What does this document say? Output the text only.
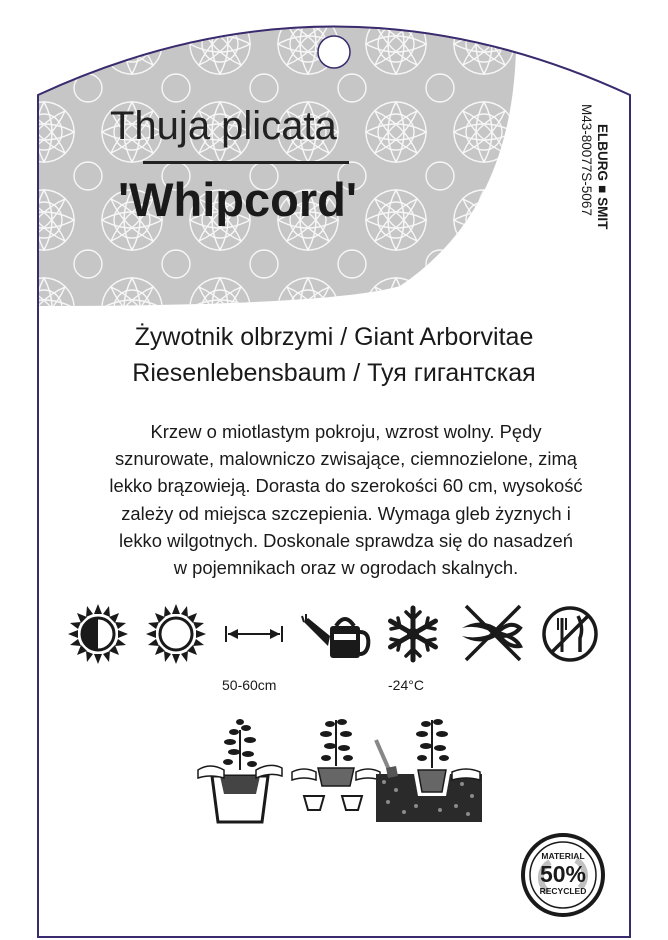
Thuja plicata
'Whipcord'
ELBURG■SMIT
M43-80077S-5067
Żywotnik olbrzymi / Giant Arborvitae
Riesenlebensbaum / Туя гигантская
Krzew o miotlastym pokroju, wzrost wolny. Pędy
sznurowate, malowniczo zwisające, ciemnozielone, zimą
lekko brązowieją. Dorasta do szerokości 60 cm, wysokość
zależy od miejsca szczepienia. Wymaga gleb żyznych i
lekko wilgotnych. Doskonale sprawdza się do nasadzeń
w pojemnikach oraz w ogrodach skalnych.
50-60cm	-24°C
MATERIAL
50%
RECYCLED
